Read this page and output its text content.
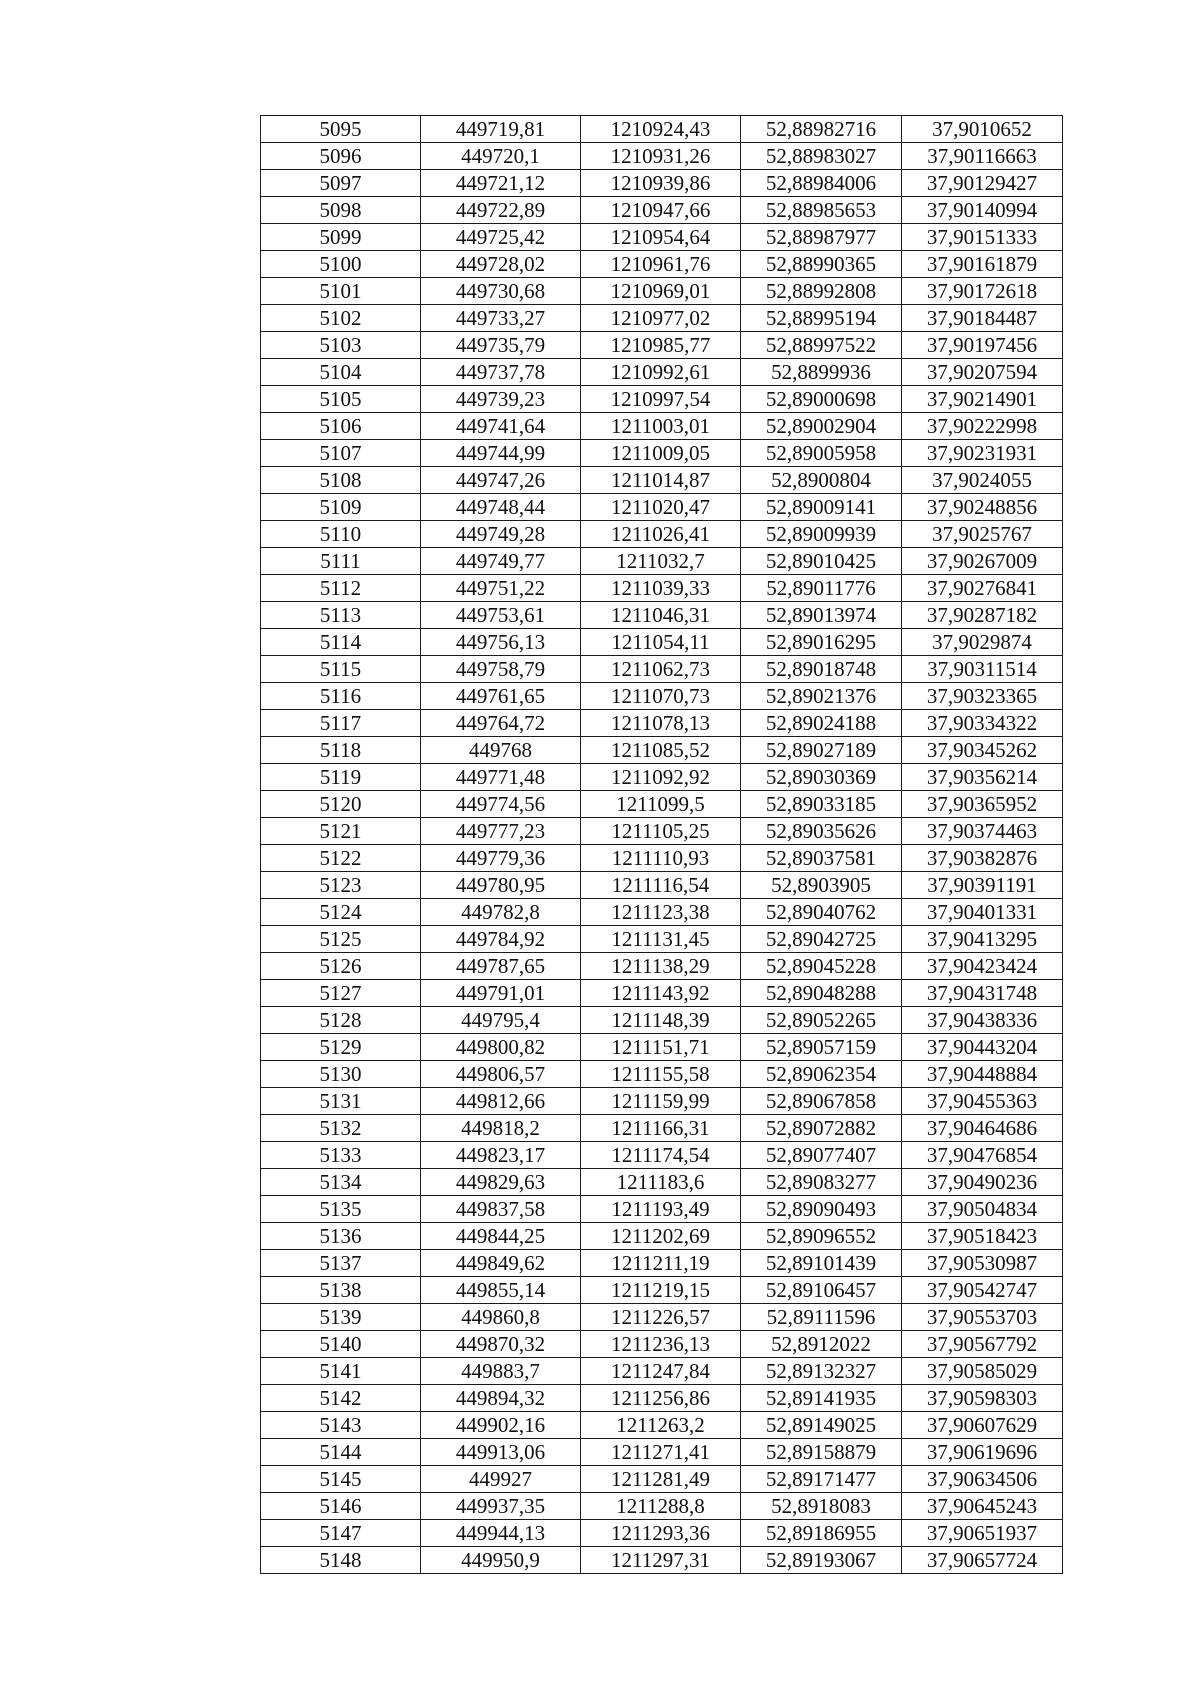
5095	449719,81	1210924,43	52,88982716	37,9010652
5096	449720,1	1210931,26	52,88983027	37,90116663
5097	449721,12	1210939,86	52,88984006	37,90129427
5098	449722,89	1210947,66	52,88985653	37,90140994
5099	449725,42	1210954,64	52,88987977	37,90151333
5100	449728,02	1210961,76	52,88990365	37,90161879
5101	449730,68	1210969,01	52,88992808	37,90172618
5102	449733,27	1210977,02	52,88995194	37,90184487
5103	449735,79	1210985,77	52,88997522	37,90197456
5104	449737,78	1210992,61	52,8899936	37,90207594
5105	449739,23	1210997,54	52,89000698	37,90214901
5106	449741,64	1211003,01	52,89002904	37,90222998
5107	449744,99	1211009,05	52,89005958	37,90231931
5108	449747,26	1211014,87	52,8900804	37,9024055
5109	449748,44	1211020,47	52,89009141	37,90248856
5110	449749,28	1211026,41	52,89009939	37,9025767
5111	449749,77	1211032,7	52,89010425	37,90267009
5112	449751,22	1211039,33	52,89011776	37,90276841
5113	449753,61	1211046,31	52,89013974	37,90287182
5114	449756,13	1211054,11	52,89016295	37,9029874
5115	449758,79	1211062,73	52,89018748	37,90311514
5116	449761,65	1211070,73	52,89021376	37,90323365
5117	449764,72	1211078,13	52,89024188	37,90334322
5118	449768	1211085,52	52,89027189	37,90345262
5119	449771,48	1211092,92	52,89030369	37,90356214
5120	449774,56	1211099,5	52,89033185	37,90365952
5121	449777,23	1211105,25	52,89035626	37,90374463
5122	449779,36	1211110,93	52,89037581	37,90382876
5123	449780,95	1211116,54	52,8903905	37,90391191
5124	449782,8	1211123,38	52,89040762	37,90401331
5125	449784,92	1211131,45	52,89042725	37,90413295
5126	449787,65	1211138,29	52,89045228	37,90423424
5127	449791,01	1211143,92	52,89048288	37,90431748
5128	449795,4	1211148,39	52,89052265	37,90438336
5129	449800,82	1211151,71	52,89057159	37,90443204
5130	449806,57	1211155,58	52,89062354	37,90448884
5131	449812,66	1211159,99	52,89067858	37,90455363
5132	449818,2	1211166,31	52,89072882	37,90464686
5133	449823,17	1211174,54	52,89077407	37,90476854
5134	449829,63	1211183,6	52,89083277	37,90490236
5135	449837,58	1211193,49	52,89090493	37,90504834
5136	449844,25	1211202,69	52,89096552	37,90518423
5137	449849,62	1211211,19	52,89101439	37,90530987
5138	449855,14	1211219,15	52,89106457	37,90542747
5139	449860,8	1211226,57	52,89111596	37,90553703
5140	449870,32	1211236,13	52,8912022	37,90567792
5141	449883,7	1211247,84	52,89132327	37,90585029
5142	449894,32	1211256,86	52,89141935	37,90598303
5143	449902,16	1211263,2	52,89149025	37,90607629
5144	449913,06	1211271,41	52,89158879	37,90619696
5145	449927	1211281,49	52,89171477	37,90634506
5146	449937,35	1211288,8	52,8918083	37,90645243
5147	449944,13	1211293,36	52,89186955	37,90651937
5148	449950,9	1211297,31	52,89193067	37,90657724
